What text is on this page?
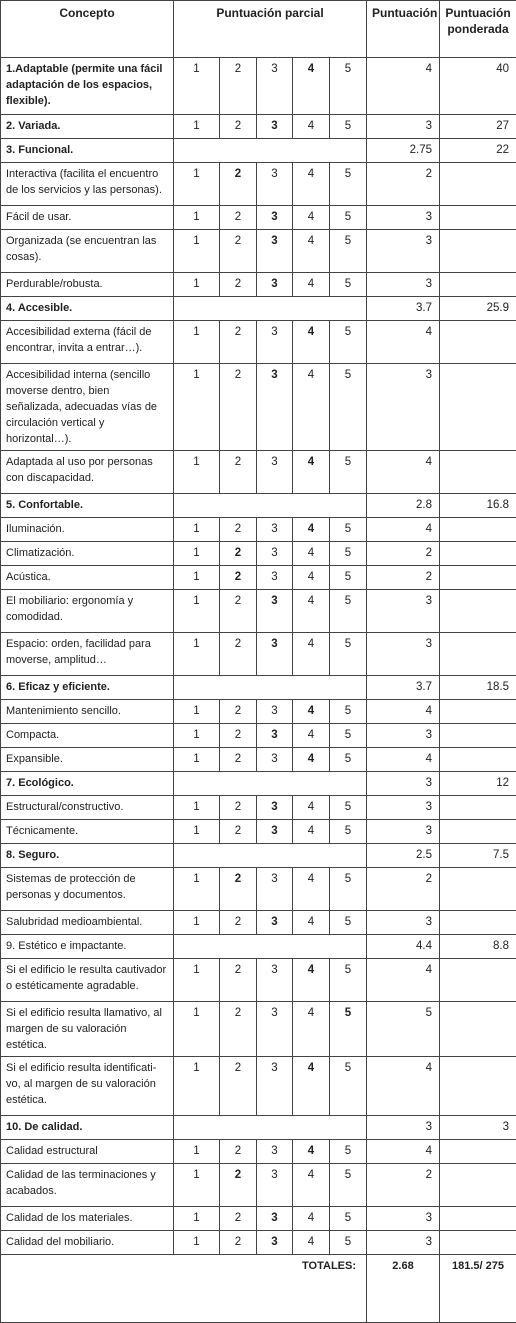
Concepto	Puntuación parcial					Puntuación	Puntuación ponderada
1.Adaptable (permite una fácil adaptación de los espacios, flexible).	1	2	3	4	5	4	40
2. Variada.	1	2	3	4	5	3	27
3. Funcional.						2.75	22
Interactiva (facilita el encuentro de los servicios y las personas).	1	2	3	4	5	2	
Fácil de usar.	1	2	3	4	5	3	
Organizada (se encuentran las cosas).	1	2	3	4	5	3	
Perdurable/robusta.	1	2	3	4	5	3	
4. Accesible.						3.7	25.9
Accesibilidad externa (fácil de encontrar, invita a entrar…).	1	2	3	4	5	4	
Accesibilidad interna (sencillo moverse dentro, bien señalizada, adecuadas vías de circulación vertical y horizontal…).	1	2	3	4	5	3	
Adaptada al uso por personas con discapacidad.	1	2	3	4	5	4	
5. Confortable.						2.8	16.8
Iluminación.	1	2	3	4	5	4	
Climatización.	1	2	3	4	5	2	
Acústica.	1	2	3	4	5	2	
El mobiliario: ergonomía y comodidad.	1	2	3	4	5	3	
Espacio: orden, facilidad para moverse, amplitud…	1	2	3	4	5	3	
6. Eficaz y eficiente.						3.7	18.5
Mantenimiento sencillo.	1	2	3	4	5	4	
Compacta.	1	2	3	4	5	3	
Expansible.	1	2	3	4	5	4	
7. Ecológico.						3	12
Estructural/constructivo.	1	2	3	4	5	3	
Técnicamente.	1	2	3	4	5	3	
8. Seguro.						2.5	7.5
Sistemas de protección de personas y documentos.	1	2	3	4	5	2	
Salubridad medioambiental.	1	2	3	4	5	3	
9. Estético e impactante.						4.4	8.8
Si el edificio le resulta cautivador o estéticamente agradable.	1	2	3	4	5	4	
Si el edificio resulta llamativo, al margen de su valoración estética.	1	2	3	4	5	5	
Si el edificio resulta identificati-vo, al margen de su valoración estética.	1	2	3	4	5	4	
10. De calidad.						3	3
Calidad estructural	1	2	3	4	5	4	
Calidad de las terminaciones y acabados.	1	2	3	4	5	2	
Calidad de los materiales.	1	2	3	4	5	3	
Calidad del mobiliario.	1	2	3	4	5	3	
TOTALES:						2.68	181.5/ 275
